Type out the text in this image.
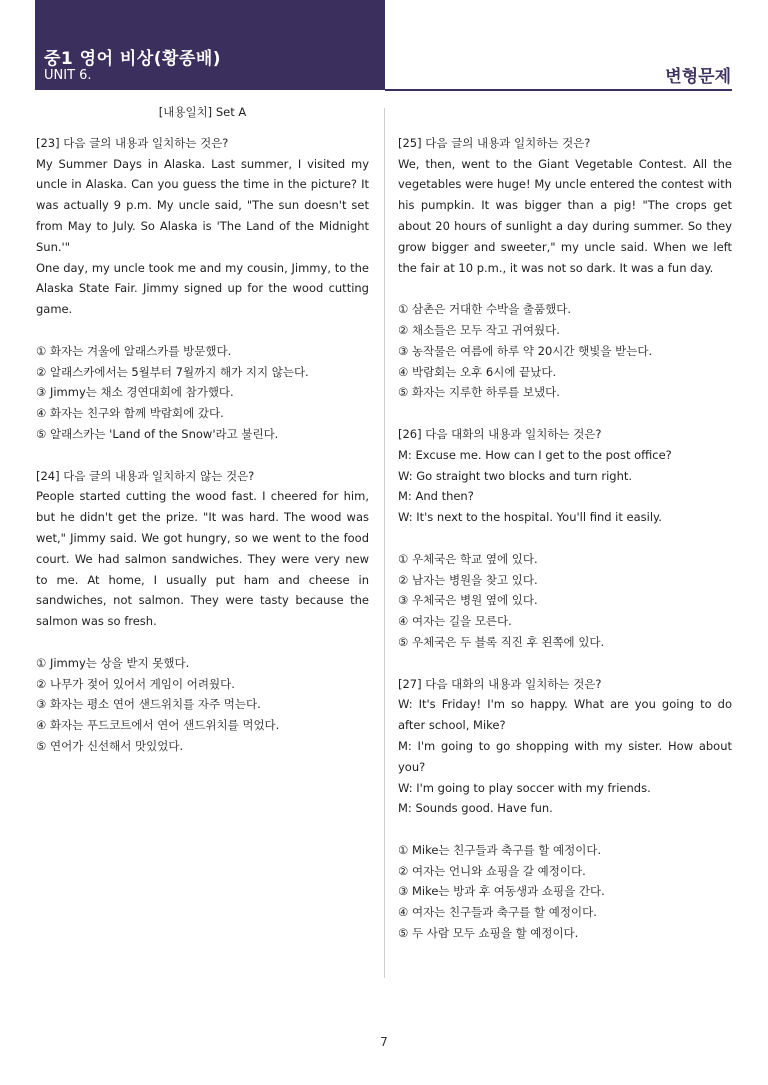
중1 영어 비상(황종배)
UNIT 6.	변형문제
[내용일치] Set A

[23] 다음 글의 내용과 일치하는 것은?

My Summer Days in Alaska. Last summer, I visited my uncle in Alaska. Can you guess the time in the picture? It was actually 9 p.m. My uncle said, "The sun doesn't set from May to July. So Alaska is 'The Land of the Midnight Sun.'"
One day, my uncle took me and my cousin, Jimmy, to the Alaska State Fair. Jimmy signed up for the wood cutting game.

① 화자는 겨울에 알래스카를 방문했다.

② 알래스카에서는 5월부터 7월까지 해가 지지 않는다.

③ Jimmy는 채소 경연대회에 참가했다.

④ 화자는 친구와 함께 박람회에 갔다.

⑤ 알래스카는 'Land of the Snow'라고 불린다.

[24] 다음 글의 내용과 일치하지 않는 것은?

People started cutting the wood fast. I cheered for him, but he didn't get the prize. "It was hard. The wood was wet," Jimmy said. We got hungry, so we went to the food court. We had salmon sandwiches. They were very new to me. At home, I usually put ham and cheese in sandwiches, not salmon. They were tasty because the salmon was so fresh.

① Jimmy는 상을 받지 못했다.

② 나무가 젖어 있어서 게임이 어려웠다.

③ 화자는 평소 연어 샌드위치를 자주 먹는다.

④ 화자는 푸드코트에서 연어 샌드위치를 먹었다.

⑤ 연어가 신선해서 맛있었다.

[25] 다음 글의 내용과 일치하는 것은?

We, then, went to the Giant Vegetable Contest. All the vegetables were huge! My uncle entered the contest with his pumpkin. It was bigger than a pig! "The crops get about 20 hours of sunlight a day during summer. So they grow bigger and sweeter," my uncle said. When we left the fair at 10 p.m., it was not so dark. It was a fun day.

① 삼촌은 거대한 수박을 출품했다.

② 채소들은 모두 작고 귀여웠다.

③ 농작물은 여름에 하루 약 20시간 햇빛을 받는다.

④ 박람회는 오후 6시에 끝났다.

⑤ 화자는 지루한 하루를 보냈다.

[26] 다음 대화의 내용과 일치하는 것은?

M: Excuse me. How can I get to the post office?

W: Go straight two blocks and turn right.

M: And then?

W: It's next to the hospital. You'll find it easily.

① 우체국은 학교 옆에 있다.

② 남자는 병원을 찾고 있다.

③ 우체국은 병원 옆에 있다.

④ 여자는 길을 모른다.

⑤ 우체국은 두 블록 직진 후 왼쪽에 있다.

[27] 다음 대화의 내용과 일치하는 것은?

W: It's Friday! I'm so happy. What are you going to do after school, Mike?

M: I'm going to go shopping with my sister. How about you?

W: I'm going to play soccer with my friends.

M: Sounds good. Have fun.

① Mike는 친구들과 축구를 할 예정이다.

② 여자는 언니와 쇼핑을 갈 예정이다.

③ Mike는 방과 후 여동생과 쇼핑을 간다.

④ 여자는 친구들과 축구를 할 예정이다.

⑤ 두 사람 모두 쇼핑을 할 예정이다.

7
